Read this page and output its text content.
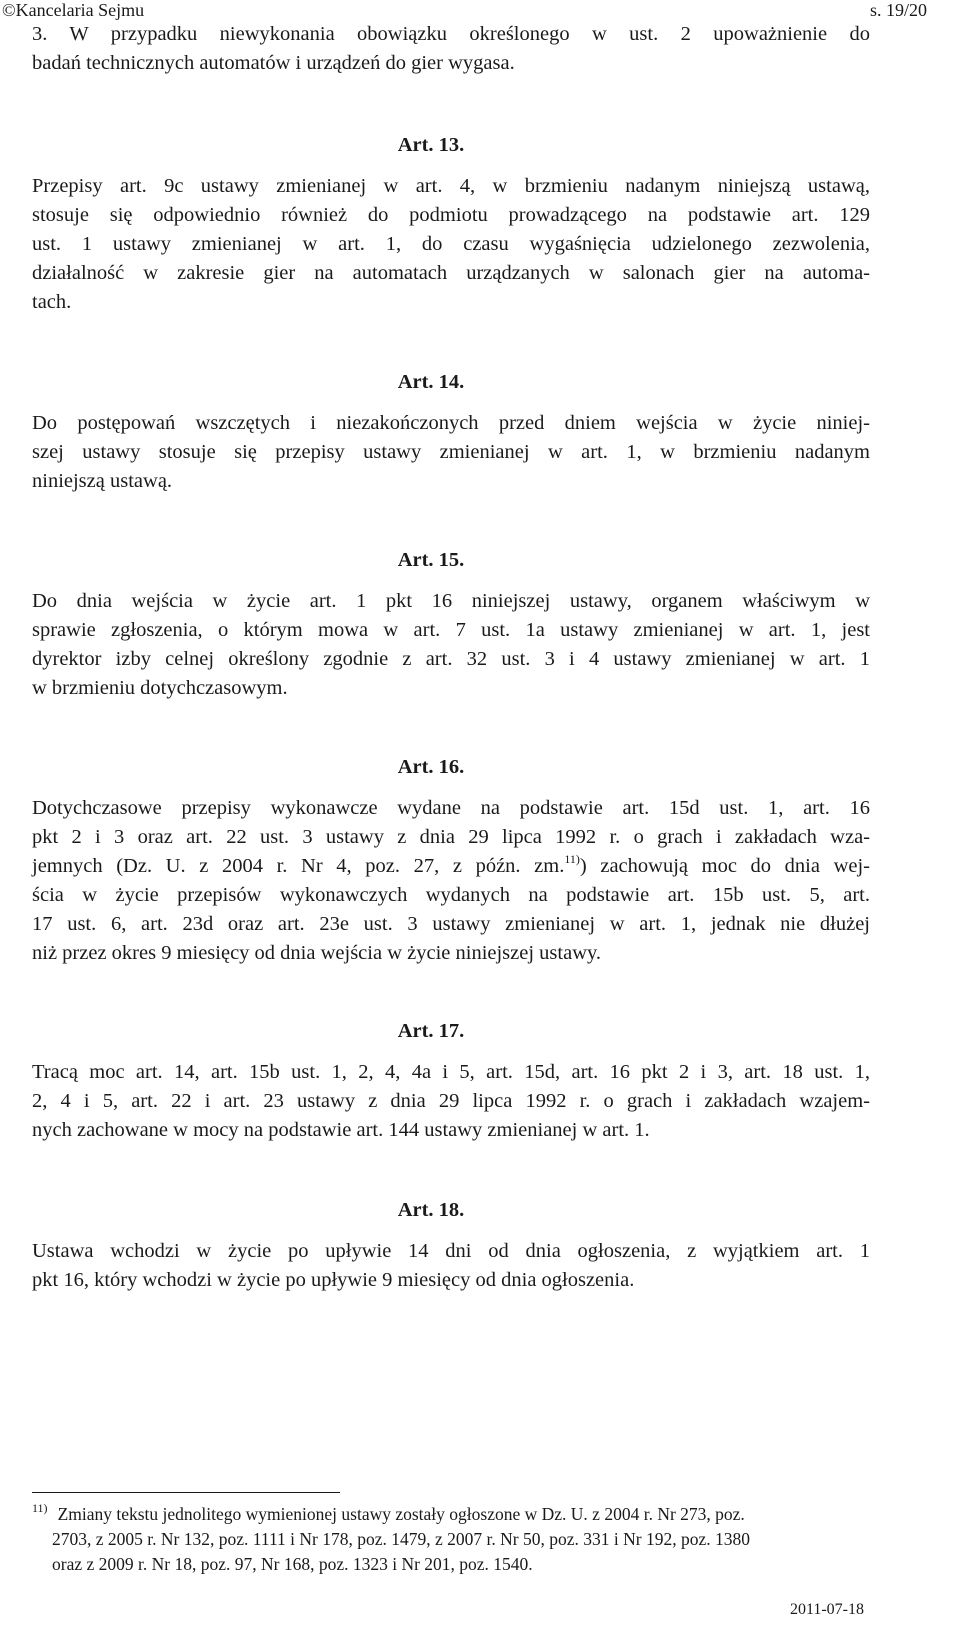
©Kancelaria Sejmu	s. 19/20
3. W przypadku niewykonania obowiązku określonego w ust. 2 upoważnienie do
badań technicznych automatów i urządzeń do gier wygasa.
Art. 13.
Przepisy art. 9c ustawy zmienianej w art. 4, w brzmieniu nadanym niniejszą ustawą,
stosuje się odpowiednio również do podmiotu prowadzącego na podstawie art. 129
ust. 1 ustawy zmienianej w art. 1, do czasu wygaśnięcia udzielonego zezwolenia,
działalność w zakresie gier na automatach urządzanych w salonach gier na automa-
tach.
Art. 14.
Do postępowań wszczętych i niezakończonych przed dniem wejścia w życie niniej-
szej ustawy stosuje się przepisy ustawy zmienianej w art. 1, w brzmieniu nadanym
niniejszą ustawą.
Art. 15.
Do dnia wejścia w życie art. 1 pkt 16 niniejszej ustawy, organem właściwym w
sprawie zgłoszenia, o którym mowa w art. 7 ust. 1a ustawy zmienianej w art. 1, jest
dyrektor izby celnej określony zgodnie z art. 32 ust. 3 i 4 ustawy zmienianej w art. 1
w brzmieniu dotychczasowym.
Art. 16.
Dotychczasowe przepisy wykonawcze wydane na podstawie art. 15d ust. 1, art. 16
pkt 2 i 3 oraz art. 22 ust. 3 ustawy z dnia 29 lipca 1992 r. o grach i zakładach wza-
jemnych (Dz. U. z 2004 r. Nr 4, poz. 27, z późn. zm.$^{11)}$) zachowują moc do dnia wej-
ścia w życie przepisów wykonawczych wydanych na podstawie art. 15b ust. 5, art.
17 ust. 6, art. 23d oraz art. 23e ust. 3 ustawy zmienianej w art. 1, jednak nie dłużej
niż przez okres 9 miesięcy od dnia wejścia w życie niniejszej ustawy.
Art. 17.
Tracą moc art. 14, art. 15b ust. 1, 2, 4, 4a i 5, art. 15d, art. 16 pkt 2 i 3, art. 18 ust. 1,
2, 4 i 5, art. 22 i art. 23 ustawy z dnia 29 lipca 1992 r. o grach i zakładach wzajem-
nych zachowane w mocy na podstawie art. 144 ustawy zmienianej w art. 1.
Art. 18.
Ustawa wchodzi w życie po upływie 14 dni od dnia ogłoszenia, z wyjątkiem art. 1
pkt 16, który wchodzi w życie po upływie 9 miesięcy od dnia ogłoszenia.
$^{11)}$ Zmiany tekstu jednolitego wymienionej ustawy zostały ogłoszone w Dz. U. z 2004 r. Nr 273, poz.
2703, z 2005 r. Nr 132, poz. 1111 i Nr 178, poz. 1479, z 2007 r. Nr 50, poz. 331 i Nr 192, poz. 1380
oraz z 2009 r. Nr 18, poz. 97, Nr 168, poz. 1323 i Nr 201, poz. 1540.
2011-07-18
